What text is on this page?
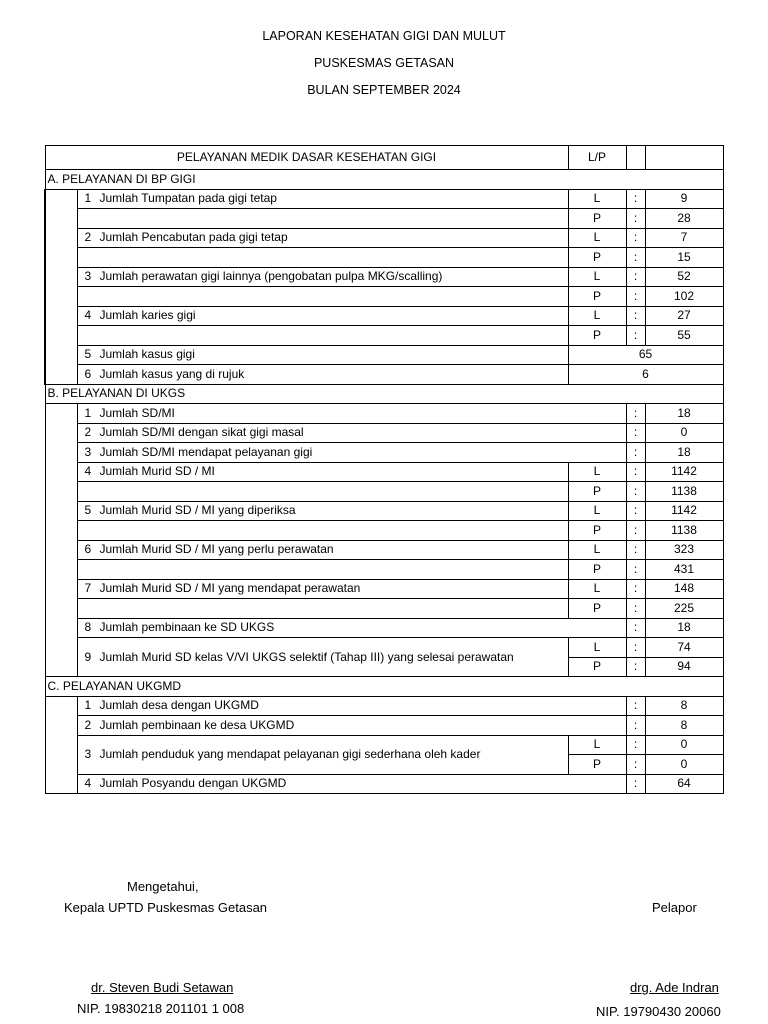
LAPORAN KESEHATAN GIGI DAN MULUT
PUSKESMAS GETASAN
BULAN SEPTEMBER 2024
PELAYANAN MEDIK DASAR KESEHATAN GIGI		L/P		
A. PELAYANAN DI BP GIGI				
	1 Jumlah Tumpatan pada gigi tetap	L	:	9
		P	:	28
	2 Jumlah Pencabutan pada gigi tetap	L	:	7
		P	:	15
	3 Jumlah perawatan gigi lainnya (pengobatan pulpa MKG/scalling)	L	:	52
		P	:	102
	4 Jumlah karies gigi	L	:	27
		P	:	55
	5 Jumlah kasus gigi	65		
	6 Jumlah kasus yang di rujuk	6		
B. PELAYANAN DI UKGS				
	1 Jumlah SD/MI		:	18
	2 Jumlah SD/MI dengan sikat gigi masal		:	0
	3 Jumlah SD/MI mendapat pelayanan gigi		:	18
	4 Jumlah Murid SD / MI	L	:	1142
		P	:	1138
	5 Jumlah Murid SD / MI yang diperiksa	L	:	1142
		P	:	1138
	6 Jumlah Murid SD / MI yang perlu perawatan	L	:	323
		P	:	431
	7 Jumlah Murid SD / MI yang mendapat perawatan	L	:	148
		P	:	225
	8 Jumlah pembinaan ke SD UKGS		:	18
	9 Jumlah Murid SD kelas V/VI UKGS selektif (Tahap III) yang selesai perawatan	L	:	74
		P	:	94
C. PELAYANAN UKGMD				
	1 Jumlah desa dengan UKGMD		:	8
	2 Jumlah pembinaan ke desa UKGMD		:	8
	3 Jumlah penduduk yang mendapat pelayanan gigi sederhana oleh kader	L	:	0
		P	:	0
	4 Jumlah Posyandu dengan UKGMD		:	64
Mengetahui,
Kepala UPTD Puskesmas Getasan
dr. Steven Budi Setawan
NIP. 19830218 201101 1 008
Pelapor
drg. Ade Indran
NIP. 19790430 20060
